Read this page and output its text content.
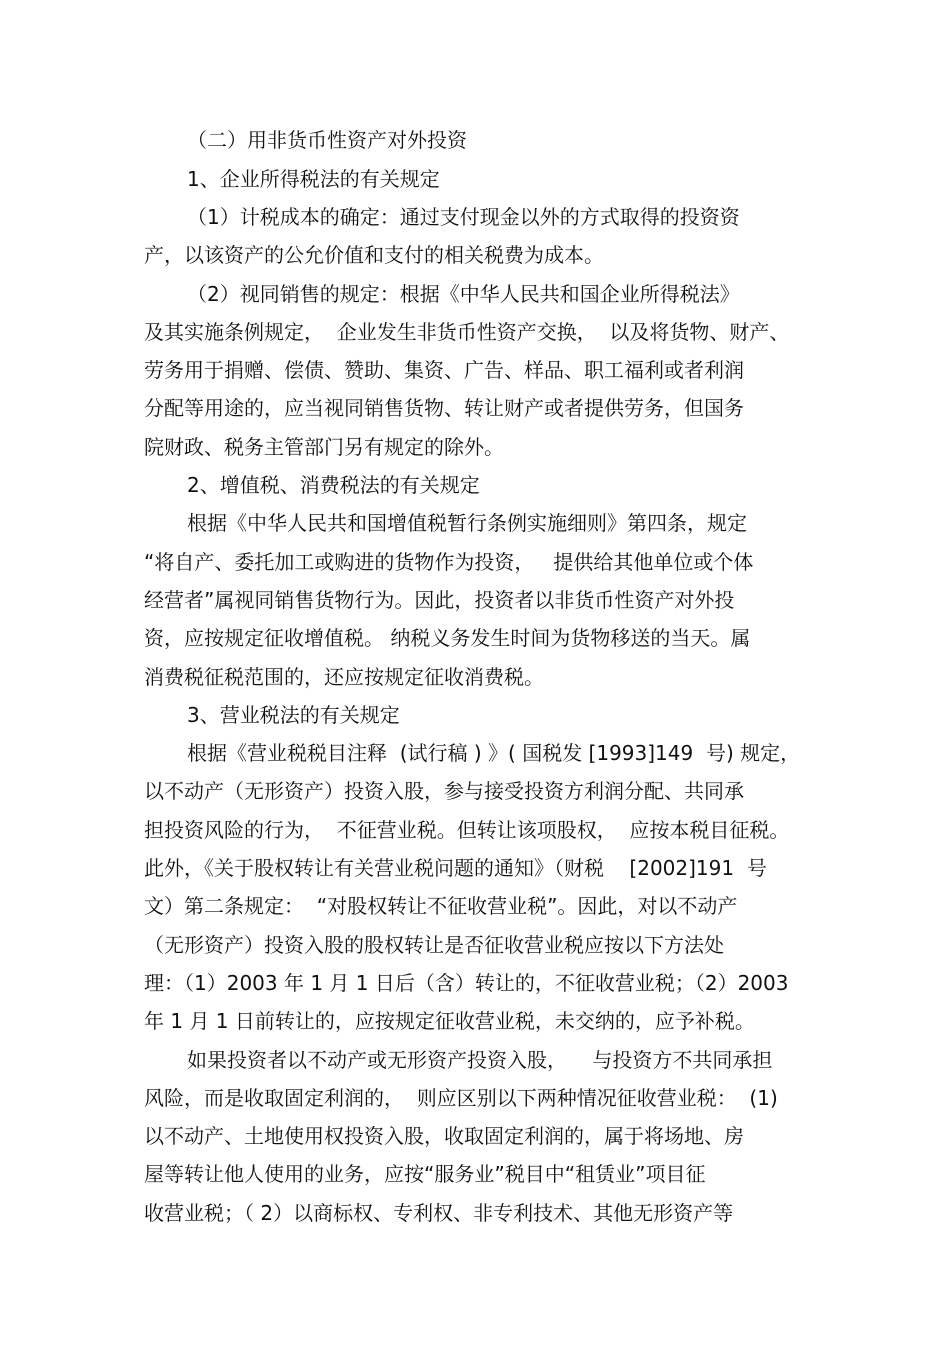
（二）用非货币性资产对外投资
1、企业所得税法的有关规定
（1）计税成本的确定：通过支付现金以外的方式取得的投资资
产，以该资产的公允价值和支付的相关税费为成本。
（2）视同销售的规定：根据《中华人民共和国企业所得税法》
及其实施条例规定，  企业发生非货币性资产交换，  以及将货物、财产、
劳务用于捐赠、偿债、赞助、集资、广告、样品、职工福利或者利润
分配等用途的，应当视同销售货物、转让财产或者提供劳务，但国务
院财政、税务主管部门另有规定的除外。
2、增值税、消费税法的有关规定
根据《中华人民共和国增值税暂行条例实施细则》第四条，规定
“将自产、委托加工或购进的货物作为投资，   提供给其他单位或个体
经营者”属视同销售货物行为。因此，投资者以非货币性资产对外投
资，应按规定征收增值税。 纳税义务发生时间为货物移送的当天。属
消费税征税范围的，还应按规定征收消费税。
3、营业税法的有关规定
根据《营业税税目注释  (试行稿 ) 》( 国税发 [1993]149  号) 规定，
以不动产（无形资产）投资入股，参与接受投资方利润分配、共同承
担投资风险的行为，  不征营业税。但转让该项股权，  应按本税目征税。
此外，《关于股权转让有关营业税问题的通知》（财税    [2002]191  号
文）第二条规定：  “对股权转让不征收营业税”。因此，对以不动产
（无形资产）投资入股的股权转让是否征收营业税应按以下方法处
理：（1）2003 年 1 月 1 日后（含）转让的，不征收营业税；（2）2003
年 1 月 1 日前转让的，应按规定征收营业税，未交纳的，应予补税。
如果投资者以不动产或无形资产投资入股，    与投资方不共同承担
风险，而是收取固定利润的，  则应区别以下两种情况征收营业税：  (1)
以不动产、土地使用权投资入股，收取固定利润的，属于将场地、房
屋等转让他人使用的业务，应按“服务业”税目中“租赁业”项目征
收营业税；（ 2）以商标权、专利权、非专利技术、其他无形资产等
